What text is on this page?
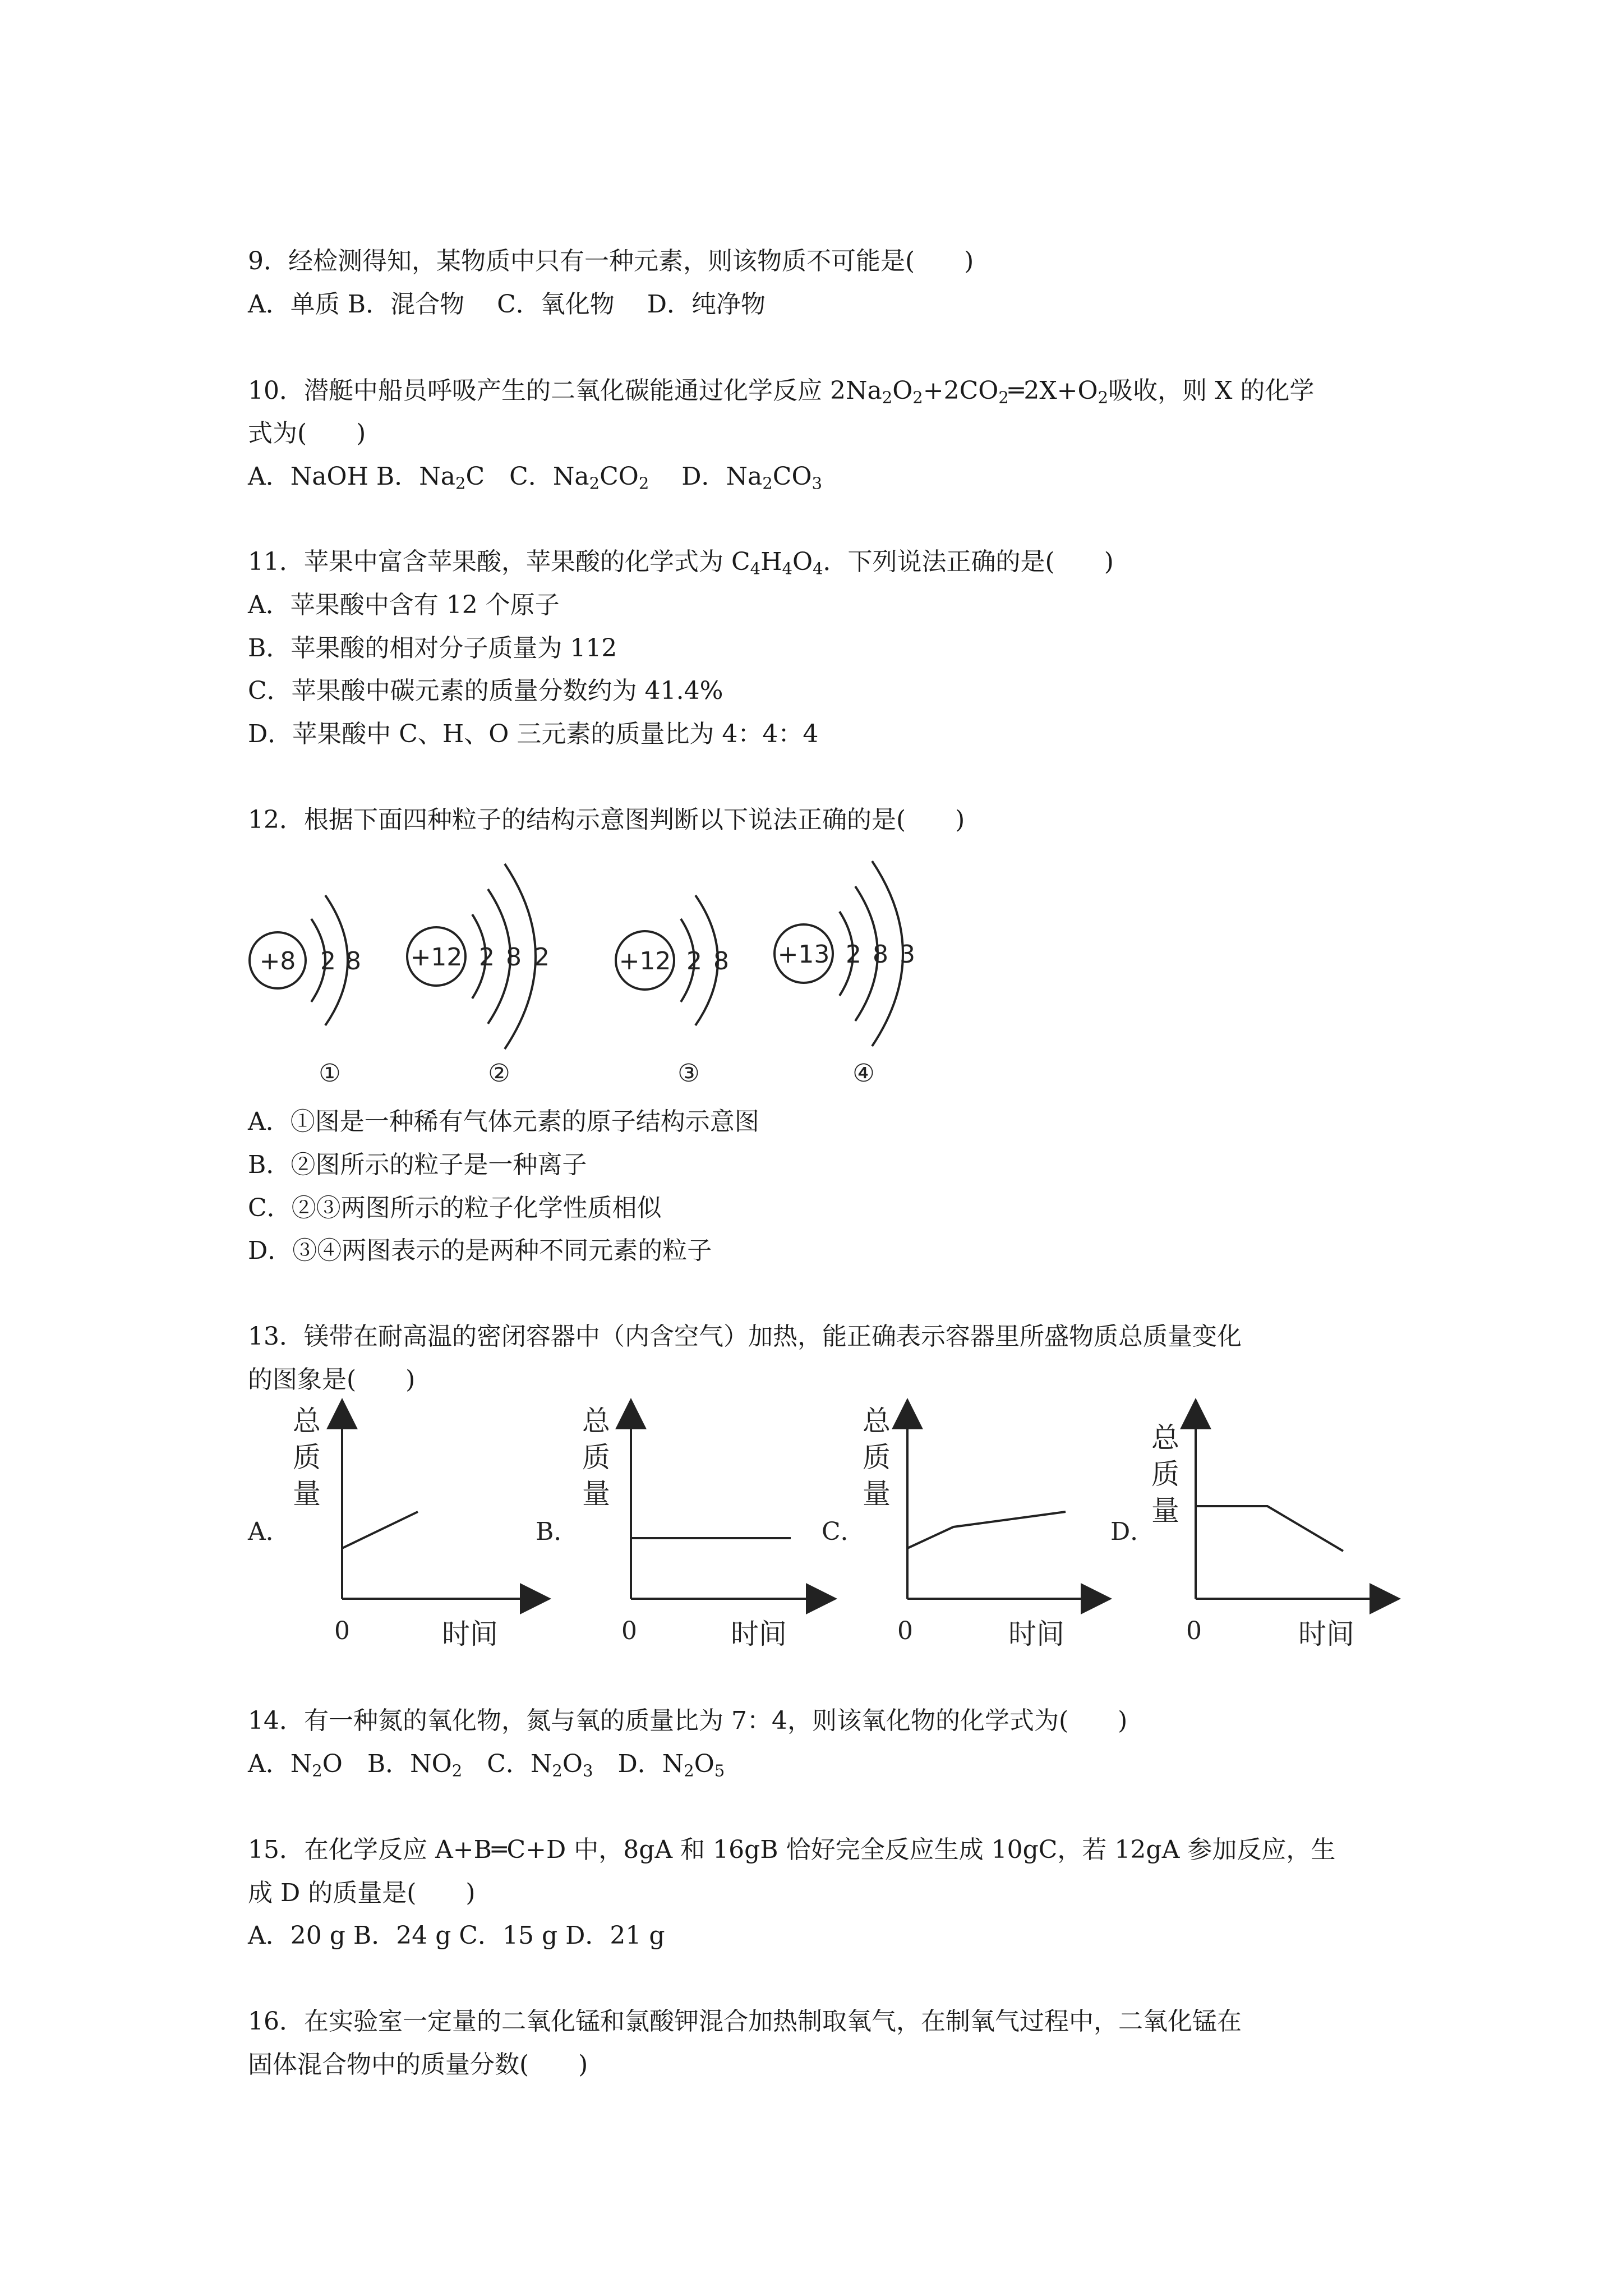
9．经检测得知，某物质中只有一种元素，则该物质不可能是(　　)

A．单质 B．混合物　 C．氧化物　 D．纯净物

10．潜艇中船员呼吸产生的二氧化碳能通过化学反应 $2Na_2O_2+2CO_2═2X+O_2$吸收，则 X 的化学

式为(　　)

A．NaOH B．$Na_2C$　C．$Na_2CO_2$　 D．$Na_2CO_3$

11．苹果中富含苹果酸，苹果酸的化学式为 $C_4H_4O_4$．下列说法正确的是(　　)

A．苹果酸中含有 12 个原子

B．苹果酸的相对分子质量为 112

C．苹果酸中碳元素的质量分数约为 41.4%

D．苹果酸中 C、H、O 三元素的质量比为 4：4：4

12．根据下面四种粒子的结构示意图判断以下说法正确的是(　　)

+8 2 8
①
+12 2 8 2
②
+12 2 8
③
+13 2 8 3
④
A．
总
质
量
0	时间
B．
总
质
量
0	时间
C．
总
质
量
0	时间
D．
总
质
量
0	时间

A．①图是一种稀有气体元素的原子结构示意图

B．②图所示的粒子是一种离子

C．②③两图所示的粒子化学性质相似

D．③④两图表示的是两种不同元素的粒子

13．镁带在耐高温的密闭容器中（内含空气）加热，能正确表示容器里所盛物质总质量变化

的图象是(　　)

14．有一种氮的氧化物，氮与氧的质量比为 7：4，则该氧化物的化学式为(　　)

A．$N_2O$　B．$NO_2$　C．$N_2O_3$　D．$N_2O_5$

15．在化学反应 A+B═C+D 中，8gA 和 16gB 恰好完全反应生成 10gC，若 12gA 参加反应，生

成 D 的质量是(　　)

A．20 g B．24 g C．15 g D．21 g

16．在实验室一定量的二氧化锰和氯酸钾混合加热制取氧气，在制氧气过程中，二氧化锰在

固体混合物中的质量分数(　　)
